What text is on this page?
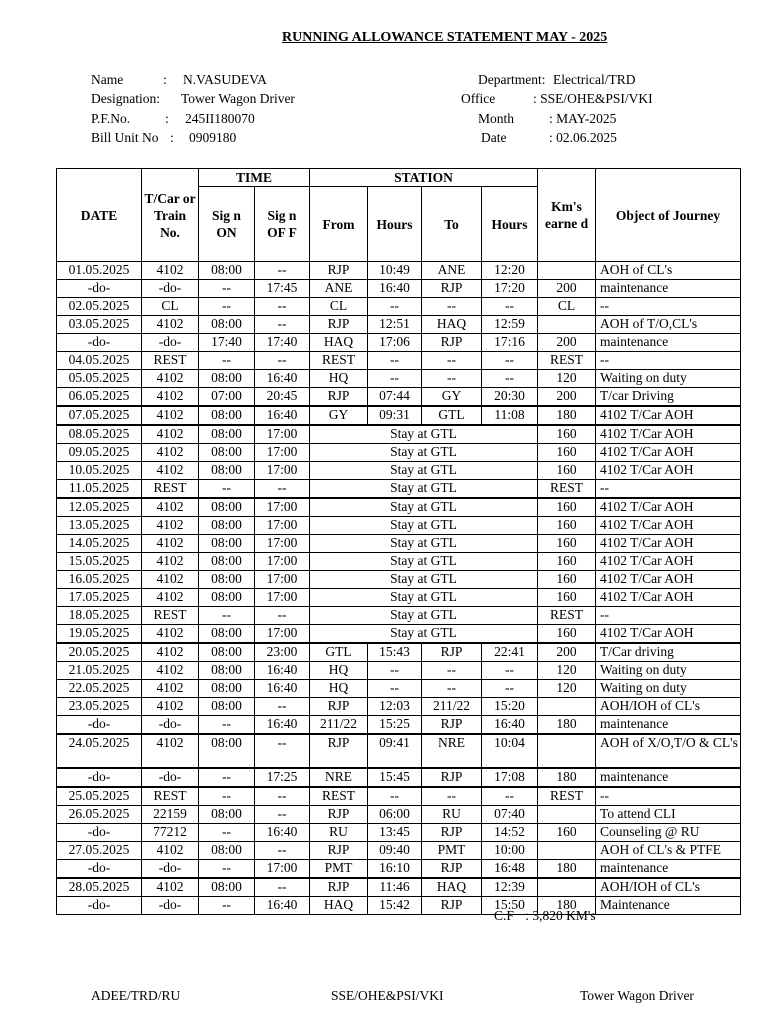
RUNNING ALLOWANCE STATEMENT MAY - 2025
Name	: N.VASUDEVA
Designation: Tower Wagon Driver
P.F.No.	: 245II180070
Bill Unit No : 0909180
Department: Electrical/TRD
Office	: SSE/OHE&PSI/VKI
Month	: MAY-2025
Date	: 02.06.2025
DATE	T/Car or Train No.	TIME		STATION				Km's earne d	Object of Journey
		Sig n ON	Sig n OF F	From	Hours	To	Hours		
01.05.2025	4102	08:00	--	RJP	10:49	ANE	12:20		AOH of CL's
-do-	-do-	--	17:45	ANE	16:40	RJP	17:20	200	maintenance
02.05.2025	CL	--	--	CL	--	--	--	CL	--
03.05.2025	4102	08:00	--	RJP	12:51	HAQ	12:59		AOH of T/O,CL's
-do-	-do-	17:40	17:40	HAQ	17:06	RJP	17:16	200	maintenance
04.05.2025	REST	--	--	REST	--	--	--	REST	--
05.05.2025	4102	08:00	16:40	HQ	--	--	--	120	Waiting on duty
06.05.2025	4102	07:00	20:45	RJP	07:44	GY	20:30	200	T/car Driving
07.05.2025	4102	08:00	16:40	GY	09:31	GTL	11:08	180	4102 T/Car AOH
08.05.2025	4102	08:00	17:00	Stay at GTL				160	4102 T/Car AOH
09.05.2025	4102	08:00	17:00	Stay at GTL				160	4102 T/Car AOH
10.05.2025	4102	08:00	17:00	Stay at GTL				160	4102 T/Car AOH
11.05.2025	REST	--	--	Stay at GTL				REST	--
12.05.2025	4102	08:00	17:00	Stay at GTL				160	4102 T/Car AOH
13.05.2025	4102	08:00	17:00	Stay at GTL				160	4102 T/Car AOH
14.05.2025	4102	08:00	17:00	Stay at GTL				160	4102 T/Car AOH
15.05.2025	4102	08:00	17:00	Stay at GTL				160	4102 T/Car AOH
16.05.2025	4102	08:00	17:00	Stay at GTL				160	4102 T/Car AOH
17.05.2025	4102	08:00	17:00	Stay at GTL				160	4102 T/Car AOH
18.05.2025	REST	--	--	Stay at GTL				REST	--
19.05.2025	4102	08:00	17:00	Stay at GTL				160	4102 T/Car AOH
20.05.2025	4102	08:00	23:00	GTL	15:43	RJP	22:41	200	T/Car driving
21.05.2025	4102	08:00	16:40	HQ	--	--	--	120	Waiting on duty
22.05.2025	4102	08:00	16:40	HQ	--	--	--	120	Waiting on duty
23.05.2025	4102	08:00	--	RJP	12:03	211/22	15:20		AOH/IOH of CL's
-do-	-do-	--	16:40	211/22	15:25	RJP	16:40	180	maintenance
24.05.2025	4102	08:00	--	RJP	09:41	NRE	10:04		AOH of X/O,T/O & CL's
-do-	-do-	--	17:25	NRE	15:45	RJP	17:08	180	maintenance
25.05.2025	REST	--	--	REST	--	--	--	REST	--
26.05.2025	22159	08:00	--	RJP	06:00	RU	07:40		To attend CLI
-do-	77212	--	16:40	RU	13:45	RJP	14:52	160	Counseling @ RU
27.05.2025	4102	08:00	--	RJP	09:40	PMT	10:00		AOH of CL's & PTFE
-do-	-do-	--	17:00	PMT	16:10	RJP	16:48	180	maintenance
28.05.2025	4102	08:00	--	RJP	11:46	HAQ	12:39		AOH/IOH of CL's
-do-	-do-	--	16:40	HAQ	15:42	RJP	15:50	180	Maintenance
C.F : 3,820 KM's
ADEE/TRD/RU	SSE/OHE&PSI/VKI	Tower Wagon Driver
